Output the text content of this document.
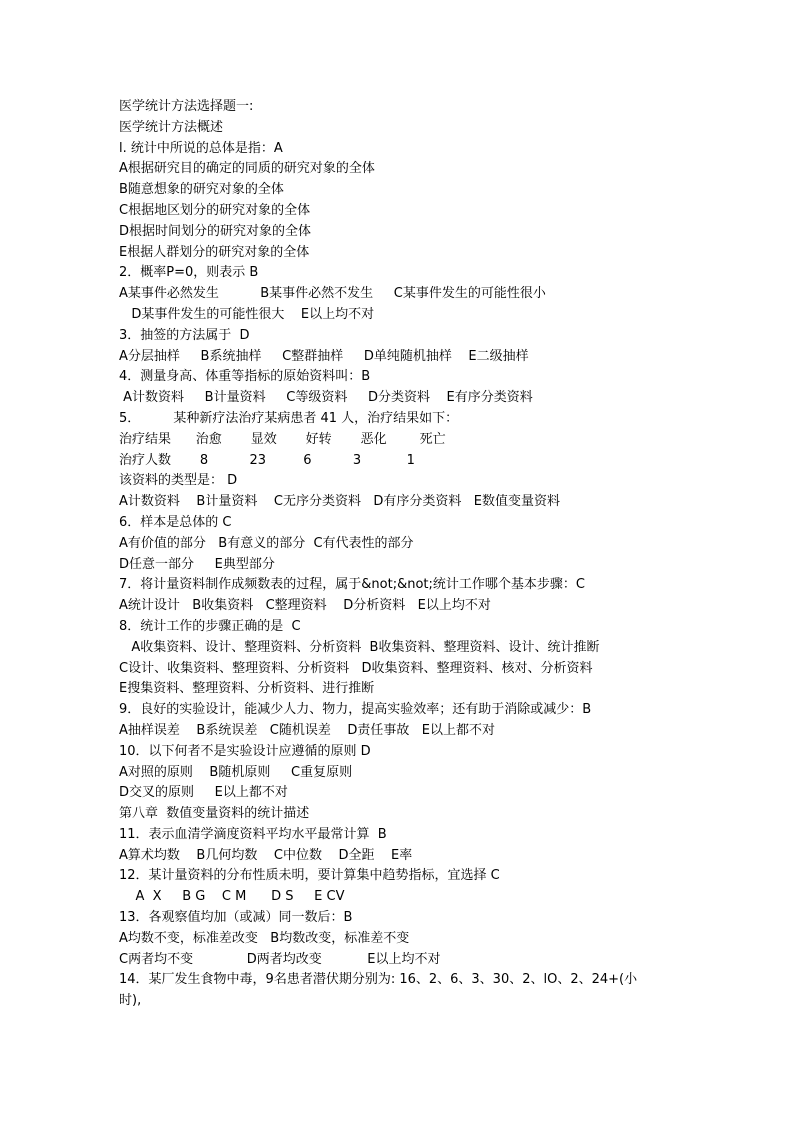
医学统计方法选择题一:
医学统计方法概述
l. 统计中所说的总体是指：A
A根据研究目的确定的同质的研究对象的全体
B随意想象的研究对象的全体
C根据地区划分的研究对象的全体
D根据时间划分的研究对象的全体
E根据人群划分的研究对象的全体
2．概率P=0，则表示 B
A某事件必然发生          B某事件必然不发生     C某事件发生的可能性很小
D某事件发生的可能性很大    E以上均不对
3．抽签的方法属于  D
A分层抽样     B系统抽样     C整群抽样     D单纯随机抽样    E二级抽样
4．测量身高、体重等指标的原始资料叫：B
A计数资料     B计量资料     C等级资料     D分类资料    E有序分类资料
5．        某种新疗法治疗某病患者 41 人，治疗结果如下：
治疗结果      治愈       显效       好转       恶化        死亡
治疗人数       8          23         6          3           1
该资料的类型是： D
A计数资料    B计量资料    C无序分类资料   D有序分类资料   E数值变量资料
6．样本是总体的 C
A有价值的部分   B有意义的部分  C有代表性的部分
D任意一部分     E典型部分
7．将计量资料制作成频数表的过程，属于&not;&not;统计工作哪个基本步骤：C
A统计设计   B收集资料   C整理资料    D分析资料   E以上均不对
8．统计工作的步骤正确的是  C
A收集资料、设计、整理资料、分析资料  B收集资料、整理资料、设计、统计推断
C设计、收集资料、整理资料、分析资料   D收集资料、整理资料、核对、分析资料
E搜集资料、整理资料、分析资料、进行推断
9．良好的实验设计，能减少人力、物力，提高实验效率；还有助于消除或减少：B
A抽样误差    B系统误差   C随机误差    D责任事故   E以上都不对
10．以下何者不是实验设计应遵循的原则 D
A对照的原则    B随机原则     C重复原则
D交叉的原则     E以上都不对
第八章  数值变量资料的统计描述
11．表示血清学滴度资料平均水平最常计算  B
A算术均数    B几何均数    C中位数    D全距    E率
12．某计量资料的分布性质未明，要计算集中趋势指标，宜选择 C
A  X     B G    C M      D S     E CV
13．各观察值均加（或减）同一数后：B
A均数不变，标准差改变   B均数改变，标准差不变
C两者均不变             D两者均改变           E以上均不对
14．某厂发生食物中毒，9名患者潜伏期分别为: 16、2、6、3、30、2、lO、2、24+(小
时),
